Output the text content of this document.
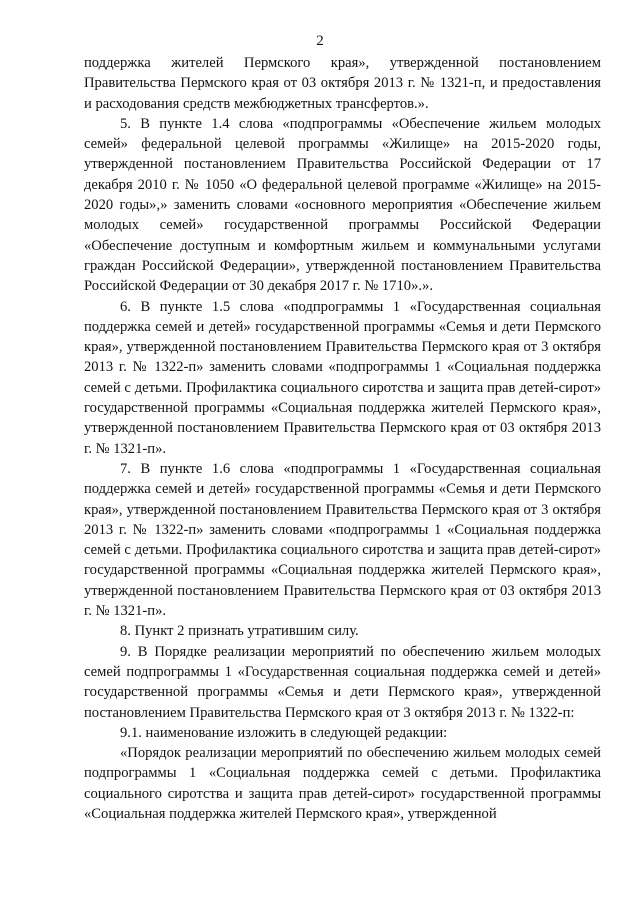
2

поддержка жителей Пермского края», утвержденной постановлением Правительства Пермского края от 03 октября 2013 г. № 1321-п, и предоставления и расходования средств межбюджетных трансфертов.».

5. В пункте 1.4 слова «подпрограммы «Обеспечение жильем молодых семей» федеральной целевой программы «Жилище» на 2015-2020 годы, утвержденной постановлением Правительства Российской Федерации от 17 декабря 2010 г. № 1050 «О федеральной целевой программе «Жилище» на 2015-2020 годы»,» заменить словами «основного мероприятия «Обеспечение жильем молодых семей» государственной программы Российской Федерации «Обеспечение доступным и комфортным жильем и коммунальными услугами граждан Российской Федерации», утвержденной постановлением Правительства Российской Федерации от 30 декабря 2017 г. № 1710».».

6. В пункте 1.5 слова «подпрограммы 1 «Государственная социальная поддержка семей и детей» государственной программы «Семья и дети Пермского края», утвержденной постановлением Правительства Пермского края от 3 октября 2013 г. № 1322-п» заменить словами «подпрограммы 1 «Социальная поддержка семей с детьми. Профилактика социального сиротства и защита прав детей-сирот» государственной программы «Социальная поддержка жителей Пермского края», утвержденной постановлением Правительства Пермского края от 03 октября 2013 г. № 1321-п».

7. В пункте 1.6 слова «подпрограммы 1 «Государственная социальная поддержка семей и детей» государственной программы «Семья и дети Пермского края», утвержденной постановлением Правительства Пермского края от 3 октября 2013 г. № 1322-п» заменить словами «подпрограммы 1 «Социальная поддержка семей с детьми. Профилактика социального сиротства и защита прав детей-сирот» государственной программы «Социальная поддержка жителей Пермского края», утвержденной постановлением Правительства Пермского края от 03 октября 2013 г. № 1321-п».

8. Пункт 2 признать утратившим силу.

9. В Порядке реализации мероприятий по обеспечению жильем молодых семей подпрограммы 1 «Государственная социальная поддержка семей и детей» государственной программы «Семья и дети Пермского края», утвержденной постановлением Правительства Пермского края от 3 октября 2013 г. № 1322-п:

9.1. наименование изложить в следующей редакции:

«Порядок реализации мероприятий по обеспечению жильем молодых семей подпрограммы 1 «Социальная поддержка семей с детьми. Профилактика социального сиротства и защита прав детей-сирот» государственной программы «Социальная поддержка жителей Пермского края», утвержденной
